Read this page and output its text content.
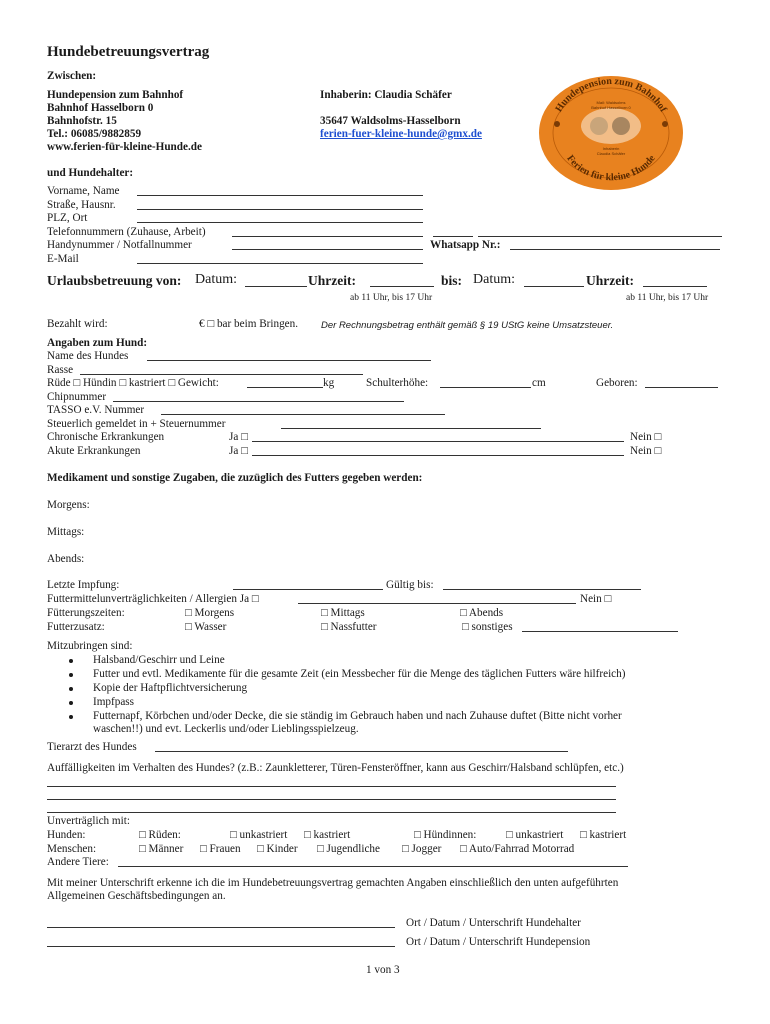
Hundebetreuungsvertrag
Zwischen:
Hundepension zum Bahnhof
Bahnhof Hasselborn 0
Bahnhofstr. 15
Tel.: 06085/9882859
www.ferien-für-kleine-Hunde.de
Inhaberin: Claudia Schäfer
35647 Waldsolms-Hasselborn
ferien-fuer-kleine-hunde@gmx.de
Hundepension zum Bahnhof
Ferien für kleine Hunde
Mail: Waldsolms
Bahnhof Hasselborn 0
Inhaberin
Claudia Schäfer
und Hundehalter:
Vorname, Name
Straße, Hausnr.
PLZ, Ort
Telefonnummern (Zuhause, Arbeit)
Handynummer / Notfallnummer	Whatsapp Nr.:
E-Mail
Urlaubsbetreuung von: Datum:	Uhrzeit:	bis: Datum:	Uhrzeit:
ab 11 Uhr, bis 17 Uhr	ab 11 Uhr, bis 17 Uhr
Bezahlt wird:	€ □ bar beim Bringen. Der Rechnungsbetrag enthält gemäß § 19 UStG keine Umsatzsteuer.
Angaben zum Hund:
Name des Hundes
Rasse
Rüde □ Hündin □ kastriert □ Gewicht:	kg	Schulterhöhe:	cm	Geboren:
Chipnummer
TASSO e.V. Nummer
Steuerlich gemeldet in + Steuernummer
Chronische Erkrankungen	Ja □	Nein □
Akute Erkrankungen	Ja □	Nein □
Medikament und sonstige Zugaben, die zuzüglich des Futters gegeben werden:
Morgens:
Mittags:
Abends:
Letzte Impfung:	Gültig bis:
Futtermittelunverträglichkeiten / Allergien Ja □	Nein □
Fütterungszeiten:	□ Morgens	□ Mittags	□ Abends
Futterzusatz:	□ Wasser	□ Nassfutter	□ sonstiges
Mitzubringen sind:
Halsband/Geschirr und Leine
Futter und evtl. Medikamente für die gesamte Zeit (ein Messbecher für die Menge des täglichen Futters wäre hilfreich)
Kopie der Haftpflichtversicherung
Impfpass
Futternapf, Körbchen und/oder Decke, die sie ständig im Gebrauch haben und nach Zuhause duftet (Bitte nicht vorher
waschen!!) und evt. Leckerlis und/oder Lieblingsspielzeug.
Tierarzt des Hundes
Auffälligkeiten im Verhalten des Hundes? (z.B.: Zaunkletterer, Türen-Fensteröffner, kann aus Geschirr/Halsband schlüpfen, etc.)
Unverträglich mit:
Hunden:	□ Rüden:	□ unkastriert □ kastriert	□ Hündinnen:	□ unkastriert □ kastriert
Menschen:	□ Männer □ Frauen □ Kinder □ Jugendliche □ Jogger □ Auto/Fahrrad Motorrad
Andere Tiere:
Mit meiner Unterschrift erkenne ich die im Hundebetreuungsvertrag gemachten Angaben einschließlich den unten aufgeführten
Allgemeinen Geschäftsbedingungen an.
Ort / Datum / Unterschrift Hundehalter
Ort / Datum / Unterschrift Hundepension
1 von 3
